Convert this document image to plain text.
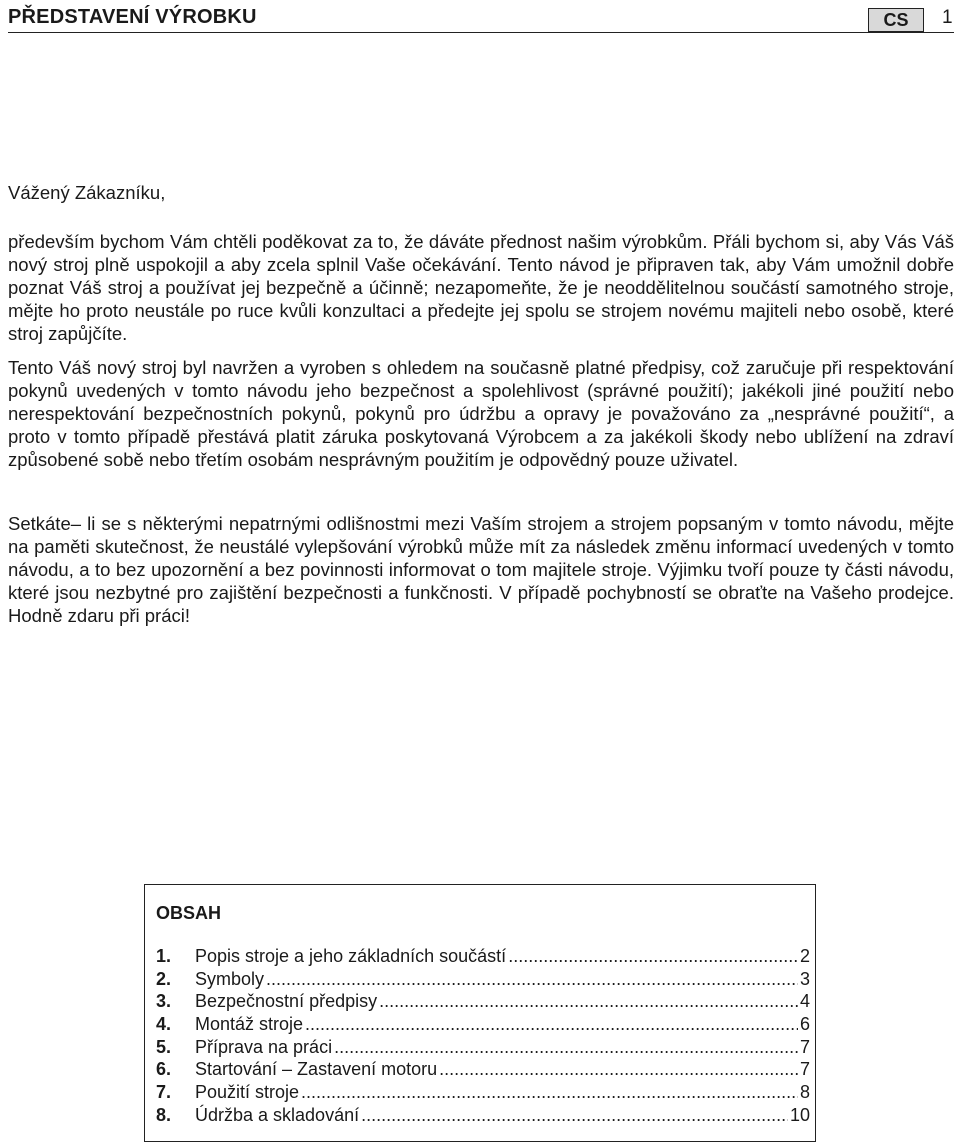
PŘEDSTAVENÍ VÝROBKU	CS	1
Vážený Zákazníku,

především bychom Vám chtěli poděkovat za to, že dáváte přednost našim výrobkům. Přáli bychom si, aby Vás Váš nový stroj plně uspokojil a aby zcela splnil Vaše očekávání. Tento návod je připraven tak, aby Vám umožnil dobře poznat Váš stroj a používat jej bezpečně a účinně; nezapomeňte, že je neoddělitelnou součástí samotného stroje, mějte ho proto neustále po ruce kvůli konzultaci a předejte jej spolu se strojem novému majiteli nebo osobě, které stroj zapůjčíte.

Tento Váš nový stroj byl navržen a vyroben s ohledem na současně platné předpisy, což zaručuje při respektování pokynů uvedených v tomto návodu jeho bezpečnost a spolehlivost (správné použití); jakékoli jiné použití nebo nerespektování bezpečnostních pokynů, pokynů pro údržbu a opravy je považováno za „nesprávné použití“, a proto v tomto případě přestává platit záruka poskytovaná Výrobcem a za jakékoli škody nebo ublížení na zdraví způsobené sobě nebo třetím osobám nesprávným použitím je odpovědný pouze uživatel.

Setkáte– li se s některými nepatrnými odlišnostmi mezi Vaším strojem a strojem popsaným v tomto návodu, mějte na paměti skutečnost, že neustálé vylepšování výrobků může mít za následek změnu informací uvedených v tomto návodu, a to bez upozornění a bez povinnosti informovat o tom majitele stroje. Výjimku tvoří pouze ty části návodu, které jsou nezbytné pro zajištění bezpečnosti a funkčnosti. V případě pochybností se obraťte na Vašeho prodejce. Hodně zdaru při práci!

OBSAH
1.	Popis stroje a jeho základních součástí .....	2
2.	Symboly .....	3
3.	Bezpečnostní předpisy .....	4
4.	Montáž stroje .....	6
5.	Příprava na práci .....	7
6.	Startování – Zastavení motoru .....	7
7.	Použití stroje .....	8
8.	Údržba a skladování .....	10
